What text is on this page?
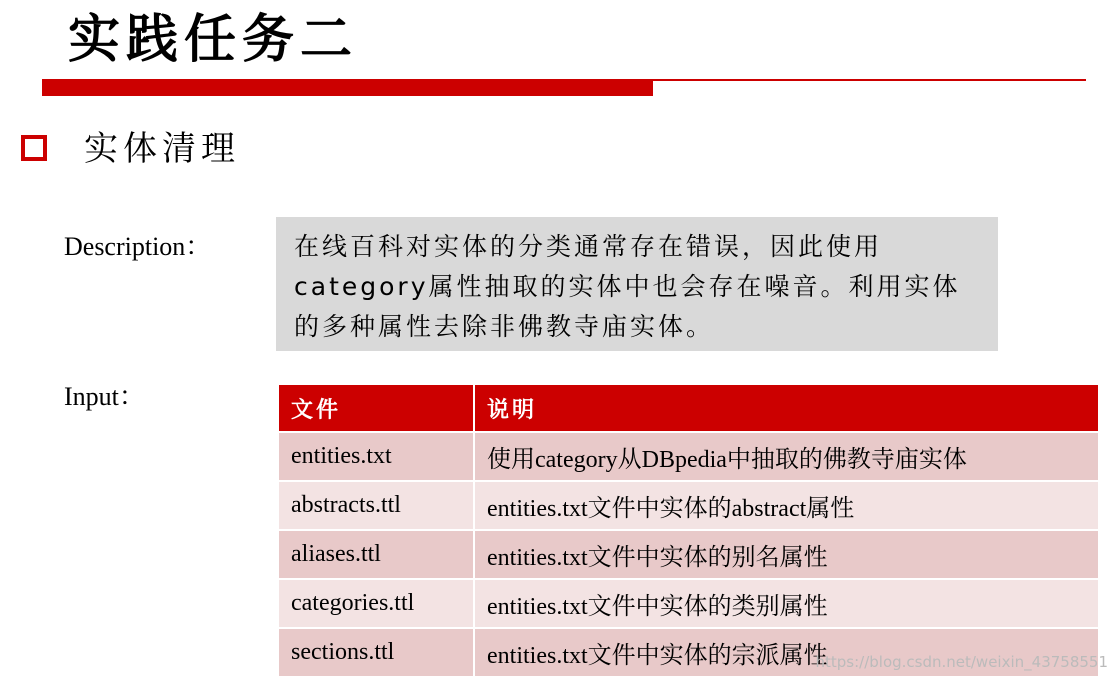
实践任务二
实体清理
Description：	在线百科对实体的分类通常存在错误，因此使用category属性抽取的实体中也会存在噪音。利用实体的多种属性去除非佛教寺庙实体。
Input：	文件	说明
entities.txt	使用category从DBpedia中抽取的佛教寺庙实体
abstracts.ttl	entities.txt文件中实体的abstract属性
aliases.ttl	entities.txt文件中实体的别名属性
categories.ttl	entities.txt文件中实体的类别属性
sections.ttl	entities.txt文件中实体的宗派属性
https://blog.csdn.net/weixin_43758551
